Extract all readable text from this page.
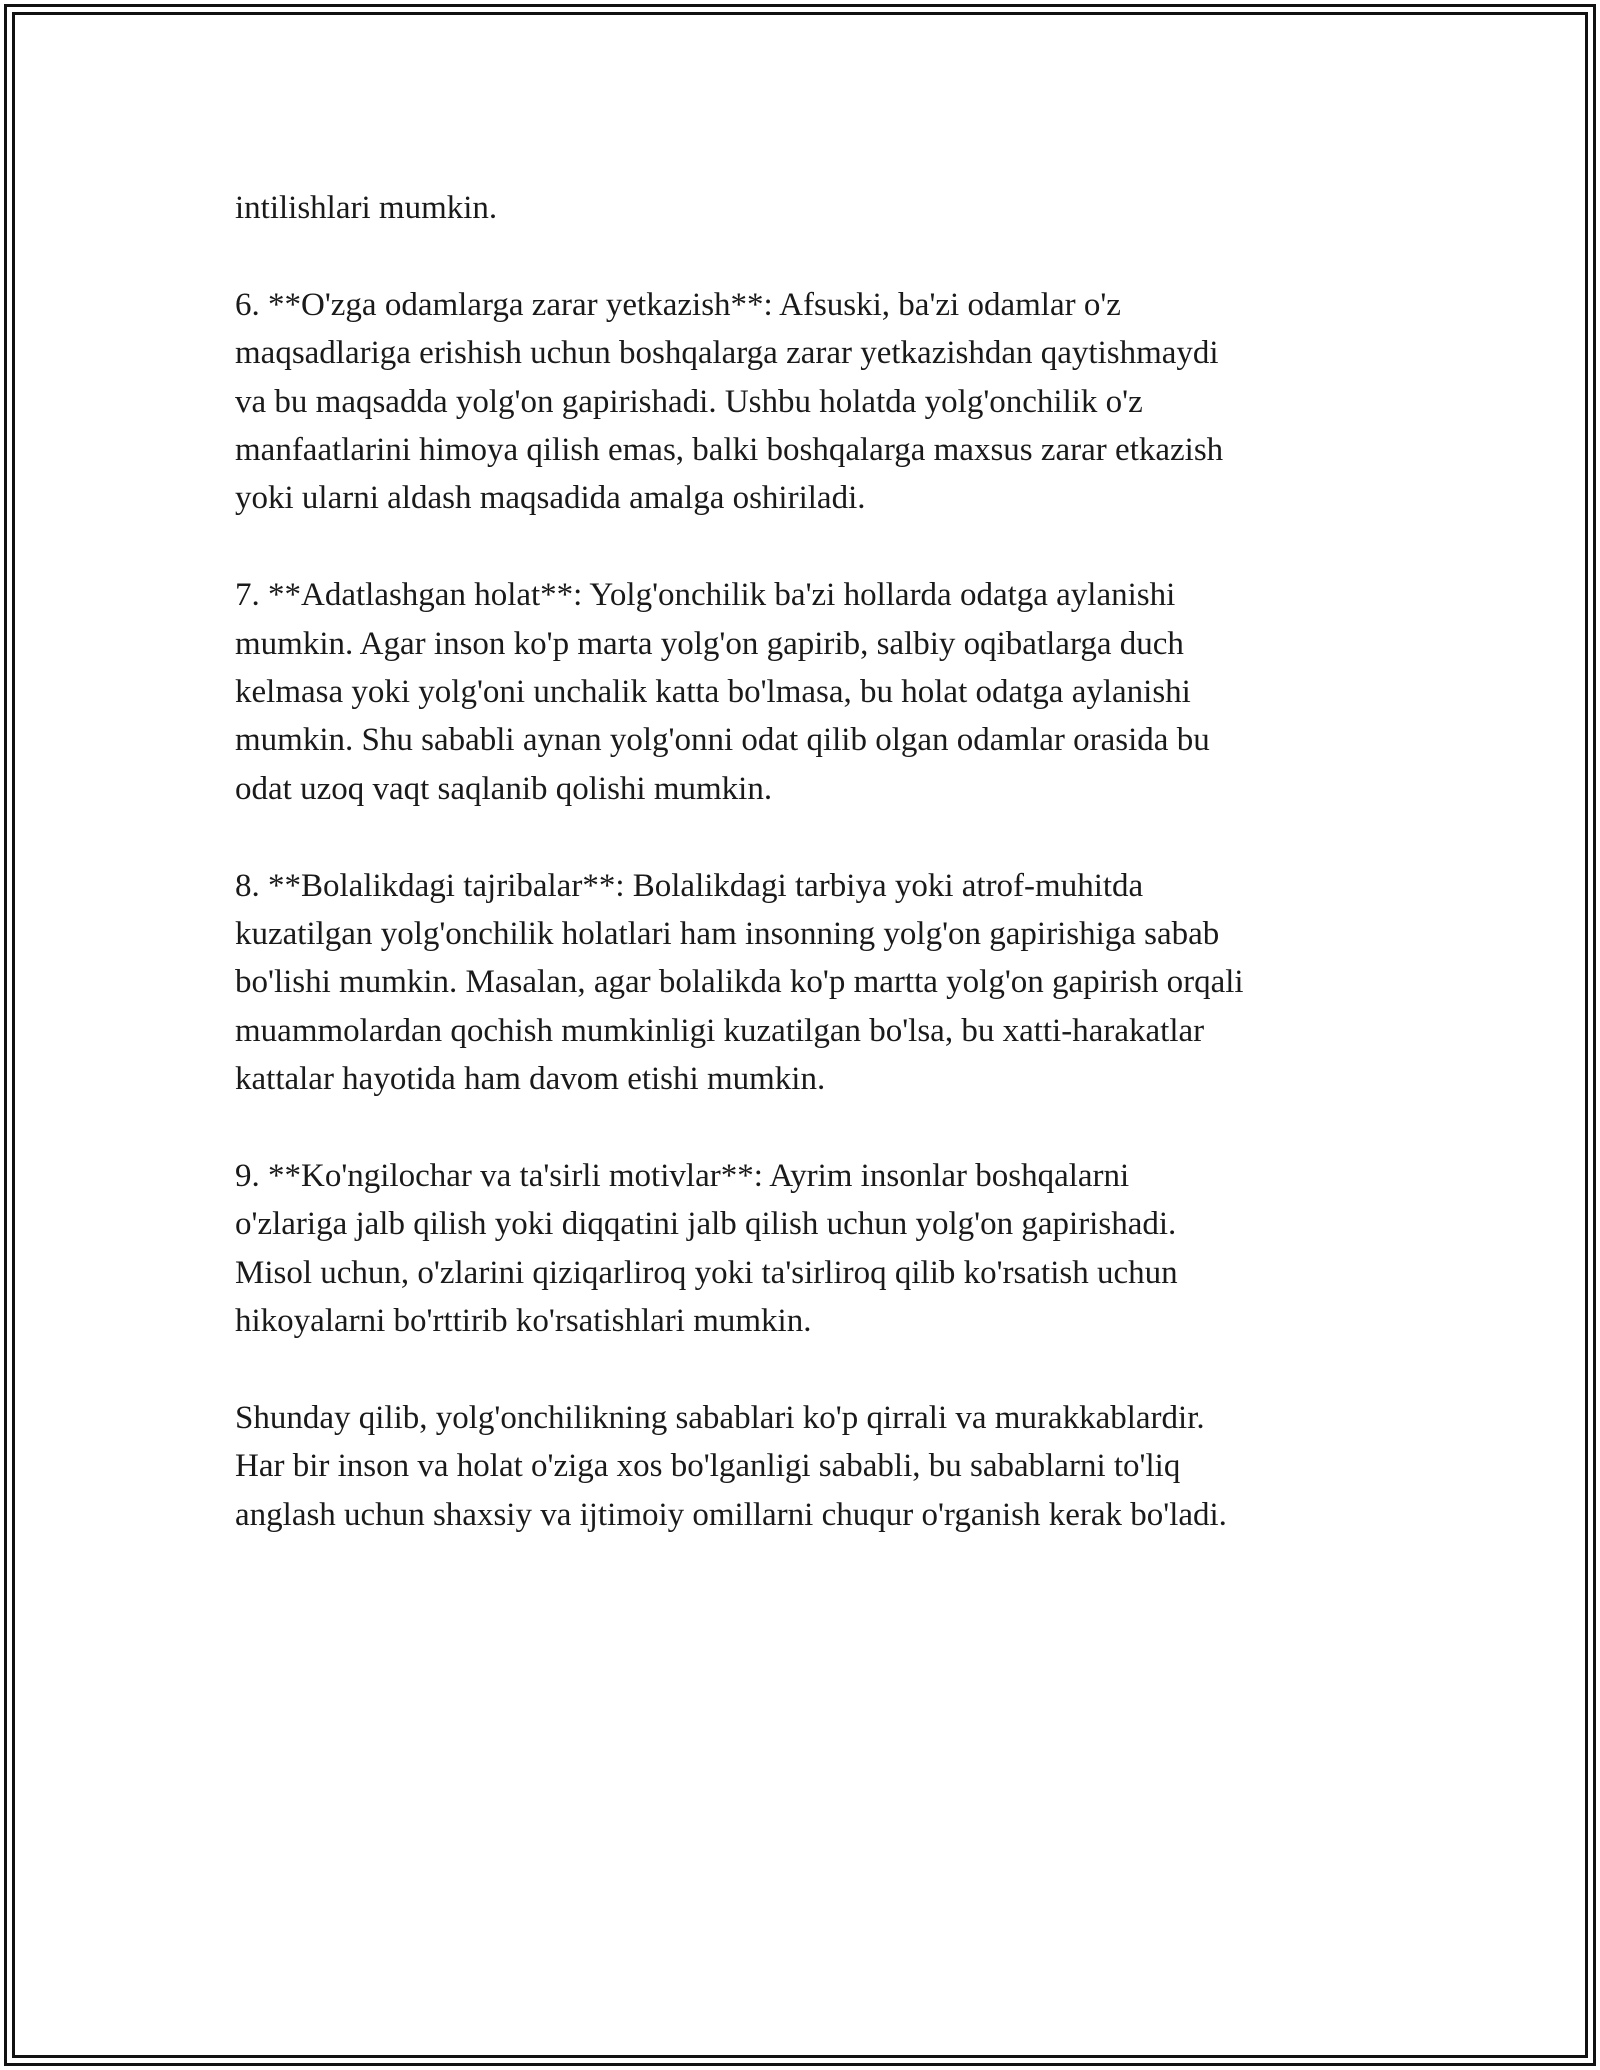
intilishlari mumkin.

6. **O'zga odamlarga zarar yetkazish**: Afsuski, ba'zi odamlar o'z
maqsadlariga erishish uchun boshqalarga zarar yetkazishdan qaytishmaydi
va bu maqsadda yolg'on gapirishadi. Ushbu holatda yolg'onchilik o'z
manfaatlarini himoya qilish emas, balki boshqalarga maxsus zarar etkazish
yoki ularni aldash maqsadida amalga oshiriladi.

7. **Adatlashgan holat**: Yolg'onchilik ba'zi hollarda odatga aylanishi
mumkin. Agar inson ko'p marta yolg'on gapirib, salbiy oqibatlarga duch
kelmasa yoki yolg'oni unchalik katta bo'lmasa, bu holat odatga aylanishi
mumkin. Shu sababli aynan yolg'onni odat qilib olgan odamlar orasida bu
odat uzoq vaqt saqlanib qolishi mumkin.

8. **Bolalikdagi tajribalar**: Bolalikdagi tarbiya yoki atrof-muhitda
kuzatilgan yolg'onchilik holatlari ham insonning yolg'on gapirishiga sabab
bo'lishi mumkin. Masalan, agar bolalikda ko'p martta yolg'on gapirish orqali
muammolardan qochish mumkinligi kuzatilgan bo'lsa, bu xatti-harakatlar
kattalar hayotida ham davom etishi mumkin.

9. **Ko'ngilochar va ta'sirli motivlar**: Ayrim insonlar boshqalarni
o'zlariga jalb qilish yoki diqqatini jalb qilish uchun yolg'on gapirishadi.
Misol uchun, o'zlarini qiziqarliroq yoki ta'sirliroq qilib ko'rsatish uchun
hikoyalarni bo'rttirib ko'rsatishlari mumkin.

Shunday qilib, yolg'onchilikning sabablari ko'p qirrali va murakkablardir.
Har bir inson va holat o'ziga xos bo'lganligi sababli, bu sabablarni to'liq
anglash uchun shaxsiy va ijtimoiy omillarni chuqur o'rganish kerak bo'ladi.
